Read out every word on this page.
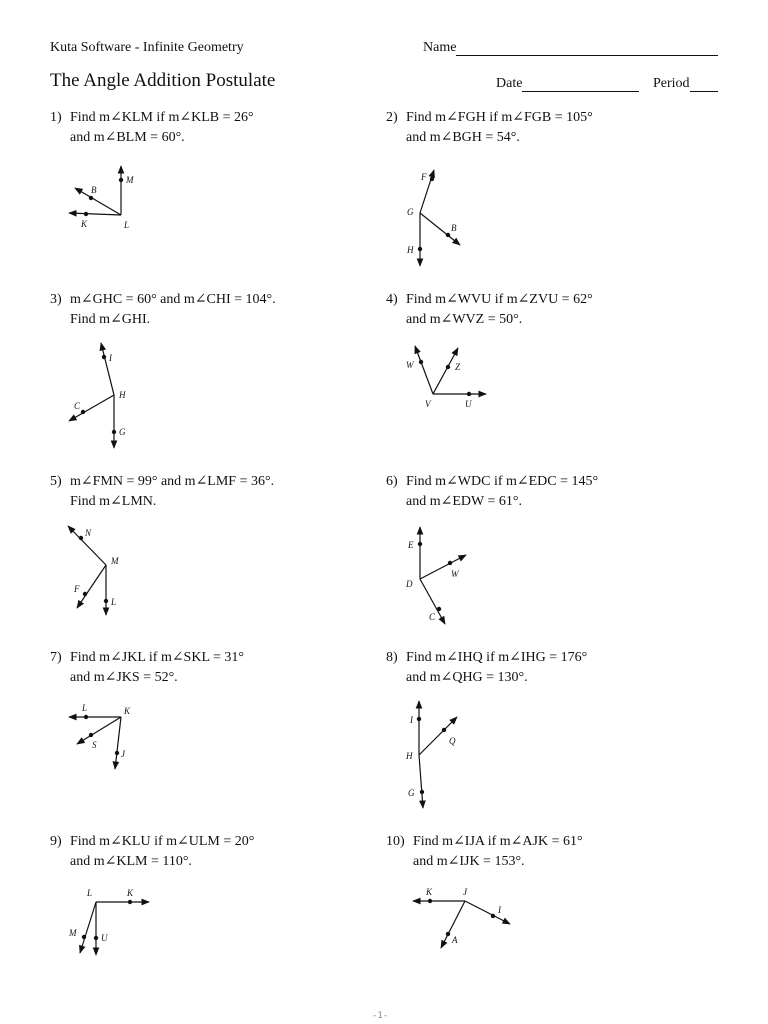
Kuta Software - Infinite Geometry	Name
The Angle Addition Postulate	Date	Period
1) Find m∠KLM if m∠KLB = 26°
and m∠BLM = 60°.
B
M
K	L
2) Find m∠FGH if m∠FGB = 105°
and m∠BGH = 54°.
F
G
B
H
3) m∠GHC = 60° and m∠CHI = 104°.
Find m∠GHI.
I
H
C
G
4) Find m∠WVU if m∠ZVU = 62°
and m∠WVZ = 50°.
W	Z
V	U
5) m∠FMN = 99° and m∠LMF = 36°.
Find m∠LMN.
N
M
F
L
6) Find m∠WDC if m∠EDC = 145°
and m∠EDW = 61°.
E
W
D
C
7) Find m∠JKL if m∠SKL = 31°
and m∠JKS = 52°.
L	K
S
J
8) Find m∠IHQ if m∠IHG = 176°
and m∠QHG = 130°.
I
Q
H
G
9) Find m∠KLU if m∠ULM = 20°
and m∠KLM = 110°.
L	K
M	U
10) Find m∠IJA if m∠AJK = 61°
and m∠IJK = 153°.
K	J
I
A
-1-
